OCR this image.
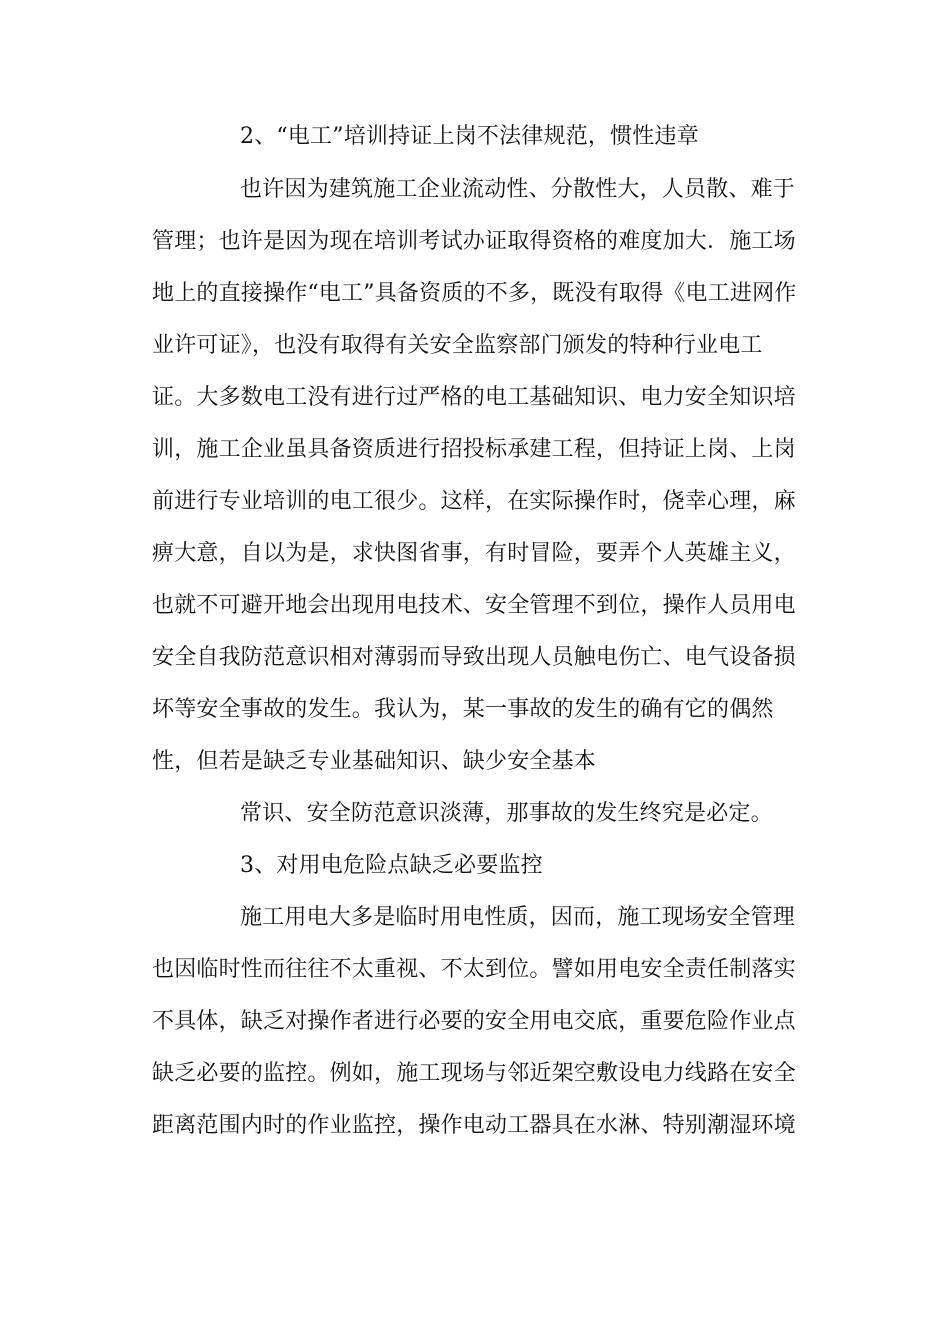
2、“电工”培训持证上岗不法律规范，惯性违章
也许因为建筑施工企业流动性、分散性大，人员散、难于
管理；也许是因为现在培训考试办证取得资格的难度加大．施工场
地上的直接操作“电工”具备资质的不多，既没有取得《电工进网作
业许可证》，也没有取得有关安全监察部门颁发的特种行业电工
证。大多数电工没有进行过严格的电工基础知识、电力安全知识培
训，施工企业虽具备资质进行招投标承建工程，但持证上岗、上岗
前进行专业培训的电工很少。这样，在实际操作时，侥幸心理，麻
痹大意，自以为是，求快图省事，有时冒险，要弄个人英雄主义，
也就不可避开地会出现用电技术、安全管理不到位，操作人员用电
安全自我防范意识相对薄弱而导致出现人员触电伤亡、电气设备损
坏等安全事故的发生。我认为，某一事故的发生的确有它的偶然
性，但若是缺乏专业基础知识、缺少安全基本
常识、安全防范意识淡薄，那事故的发生终究是必定。
3、对用电危险点缺乏必要监控
施工用电大多是临时用电性质，因而，施工现场安全管理
也因临时性而往往不太重视、不太到位。譬如用电安全责任制落实
不具体，缺乏对操作者进行必要的安全用电交底，重要危险作业点
缺乏必要的监控。例如，施工现场与邻近架空敷设电力线路在安全
距离范围内时的作业监控，操作电动工器具在水淋、特别潮湿环境
